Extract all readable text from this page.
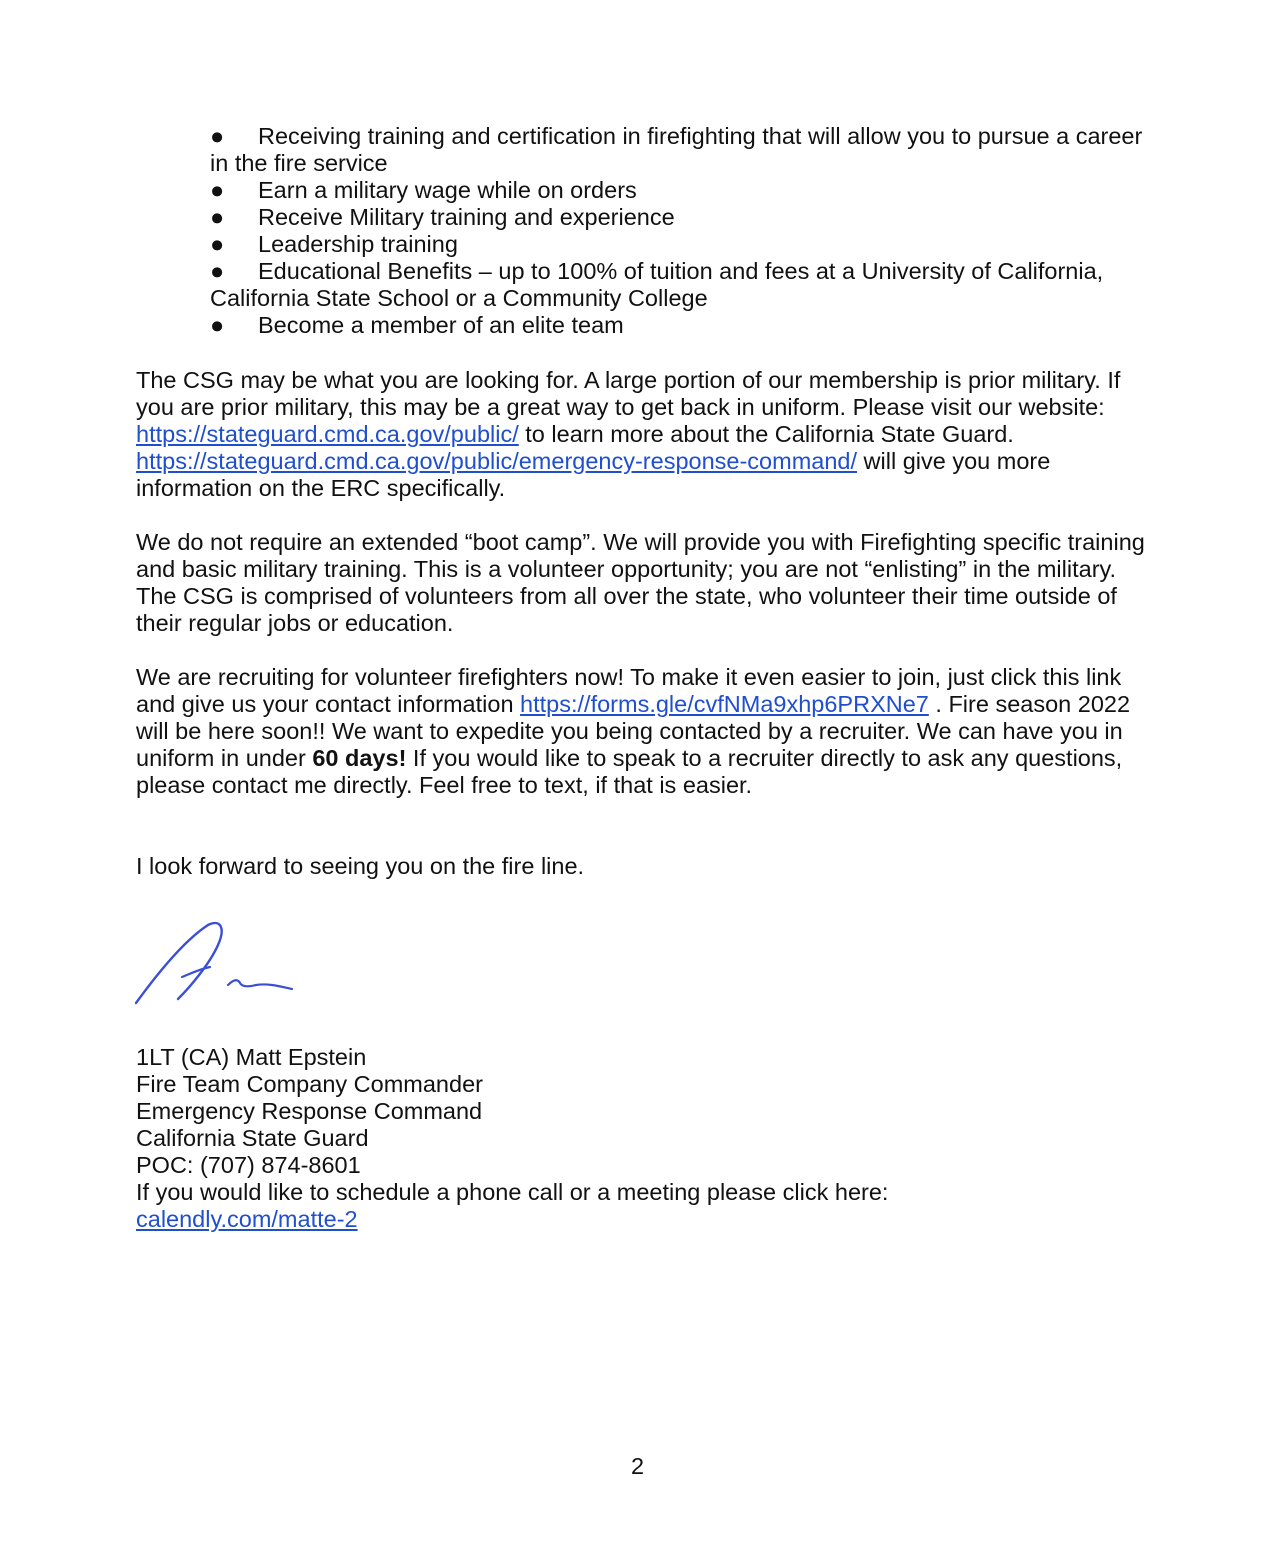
● Receiving training and certification in firefighting that will allow you to pursue a career in the fire service
● Earn a military wage while on orders
● Receive Military training and experience
● Leadership training
● Educational Benefits – up to 100% of tuition and fees at a University of California, California State School or a Community College
● Become a member of an elite team

The CSG may be what you are looking for. A large portion of our membership is prior military. If you are prior military, this may be a great way to get back in uniform. Please visit our website: https://stateguard.cmd.ca.gov/public/ to learn more about the California State Guard. https://stateguard.cmd.ca.gov/public/emergency-response-command/ will give you more information on the ERC specifically.

We do not require an extended “boot camp”. We will provide you with Firefighting specific training and basic military training. This is a volunteer opportunity; you are not “enlisting” in the military. The CSG is comprised of volunteers from all over the state, who volunteer their time outside of their regular jobs or education.

We are recruiting for volunteer firefighters now! To make it even easier to join, just click this link and give us your contact information https://forms.gle/cvfNMa9xhp6PRXNe7 . Fire season 2022 will be here soon!! We want to expedite you being contacted by a recruiter. We can have you in uniform in under 60 days! If you would like to speak to a recruiter directly to ask any questions, please contact me directly. Feel free to text, if that is easier.

I look forward to seeing you on the fire line.

1LT (CA) Matt Epstein
Fire Team Company Commander
Emergency Response Command
California State Guard
POC: (707) 874-8601
If you would like to schedule a phone call or a meeting please click here:
calendly.com/matte-2
2
